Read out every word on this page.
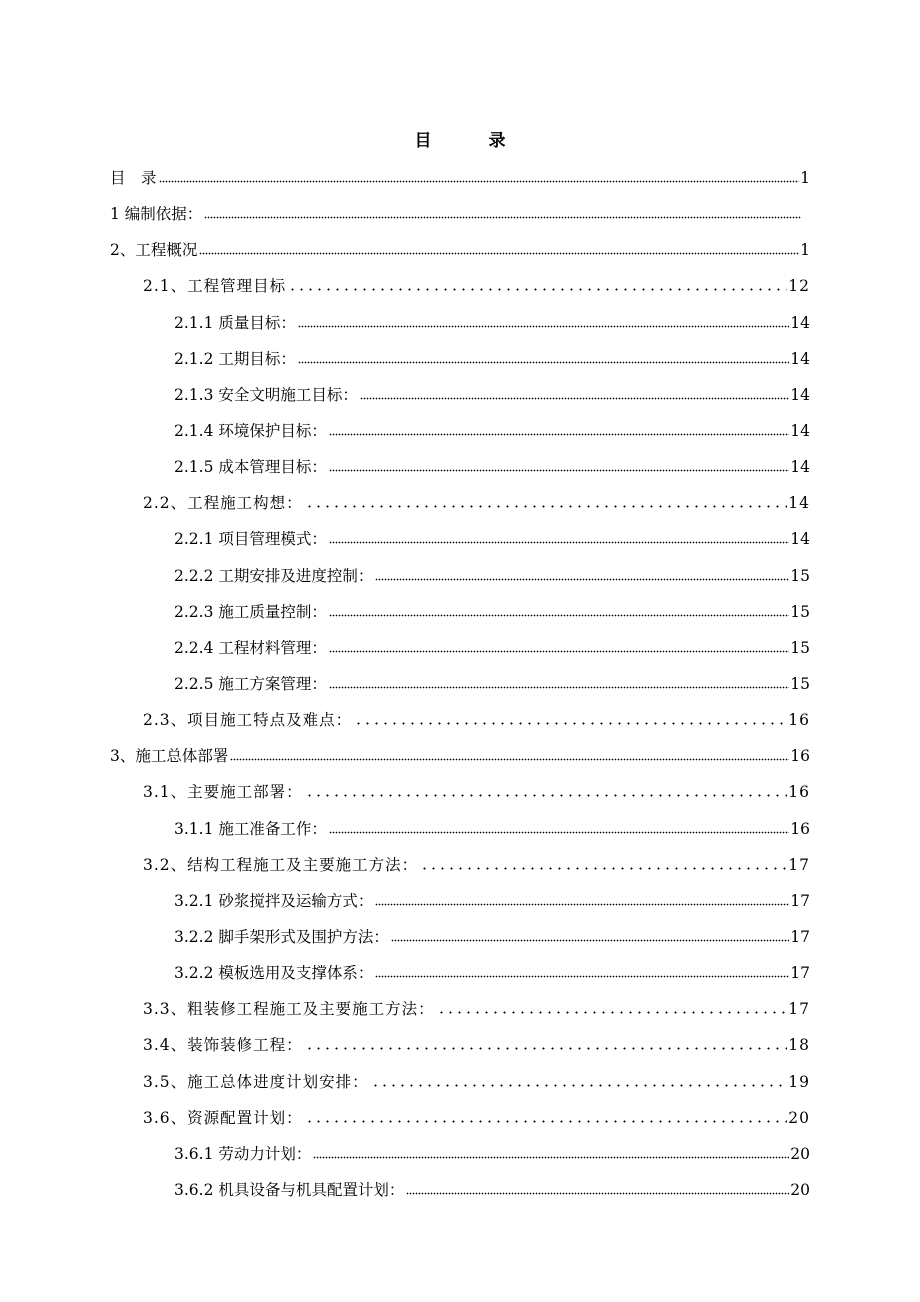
目　录
目　录	1
1 编制依据：
2、工程概况	1
2.1、工程管理目标	12
2.1.1 质量目标：	14
2.1.2 工期目标：	14
2.1.3 安全文明施工目标：	14
2.1.4 环境保护目标：	14
2.1.5 成本管理目标：	14
2.2、工程施工构想：	14
2.2.1 项目管理模式：	14
2.2.2 工期安排及进度控制：	15
2.2.3 施工质量控制：	15
2.2.4 工程材料管理：	15
2.2.5 施工方案管理：	15
2.3、项目施工特点及难点：	16
3、施工总体部署	16
3.1、主要施工部署：	16
3.1.1 施工准备工作：	16
3.2、结构工程施工及主要施工方法：	17
3.2.1 砂浆搅拌及运输方式：	17
3.2.2 脚手架形式及围护方法：	17
3.2.2 模板选用及支撑体系：	17
3.3、粗装修工程施工及主要施工方法：	17
3.4、装饰装修工程：	18
3.5、施工总体进度计划安排：	19
3.6、资源配置计划：	20
3.6.1 劳动力计划：	20
3.6.2 机具设备与机具配置计划：	20
